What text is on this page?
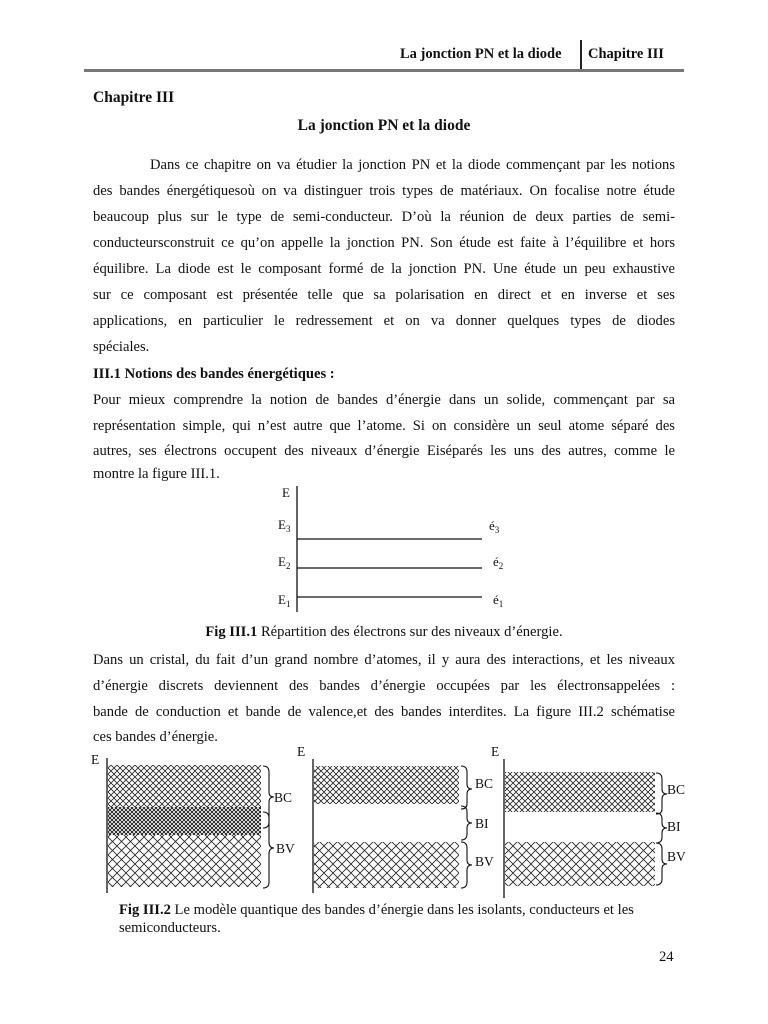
La jonction PN et la diode Chapitre III
Chapitre III
La jonction PN et la diode
Dans ce chapitre on va étudier la jonction PN et la diode commençant par les notions
des bandes énergétiquesoù on va distinguer trois types de matériaux. On focalise notre étude
beaucoup plus sur le type de semi-conducteur. D’où la réunion de deux parties de semi-
conducteursconstruit ce qu’on appelle la jonction PN. Son étude est faite à l’équilibre et hors
équilibre. La diode est le composant formé de la jonction PN. Une étude un peu exhaustive
sur ce composant est présentée telle que sa polarisation en direct et en inverse et ses
applications, en particulier le redressement et on va donner quelques types de diodes
spéciales.
III.1 Notions des bandes énergétiques :
Pour mieux comprendre la notion de bandes d’énergie dans un solide, commençant par sa
représentation simple, qui n’est autre que l’atome. Si on considère un seul atome séparé des
autres, ses électrons occupent des niveaux d’énergie Eiséparés les uns des autres, comme le
montre la figure III.1.
E
$E_3$	$é_3$
$E_2$	$é_2$
$E_1$	$é_1$
Fig III.1 Répartition des électrons sur des niveaux d’énergie.
Dans un cristal, du fait d’un grand nombre d’atomes, il y aura des interactions, et les niveaux
d’énergie discrets deviennent des bandes d’énergie occupées par les électronsappelées :
bande de conduction et bande de valence,et des bandes interdites. La figure III.2 schématise
ces bandes d’énergie.
E
BC
BV
E
BC
BI
BV
E
BC
BI
BV
Fig III.2 Le modèle quantique des bandes d’énergie dans les isolants, conducteurs et les
semiconducteurs.
24
